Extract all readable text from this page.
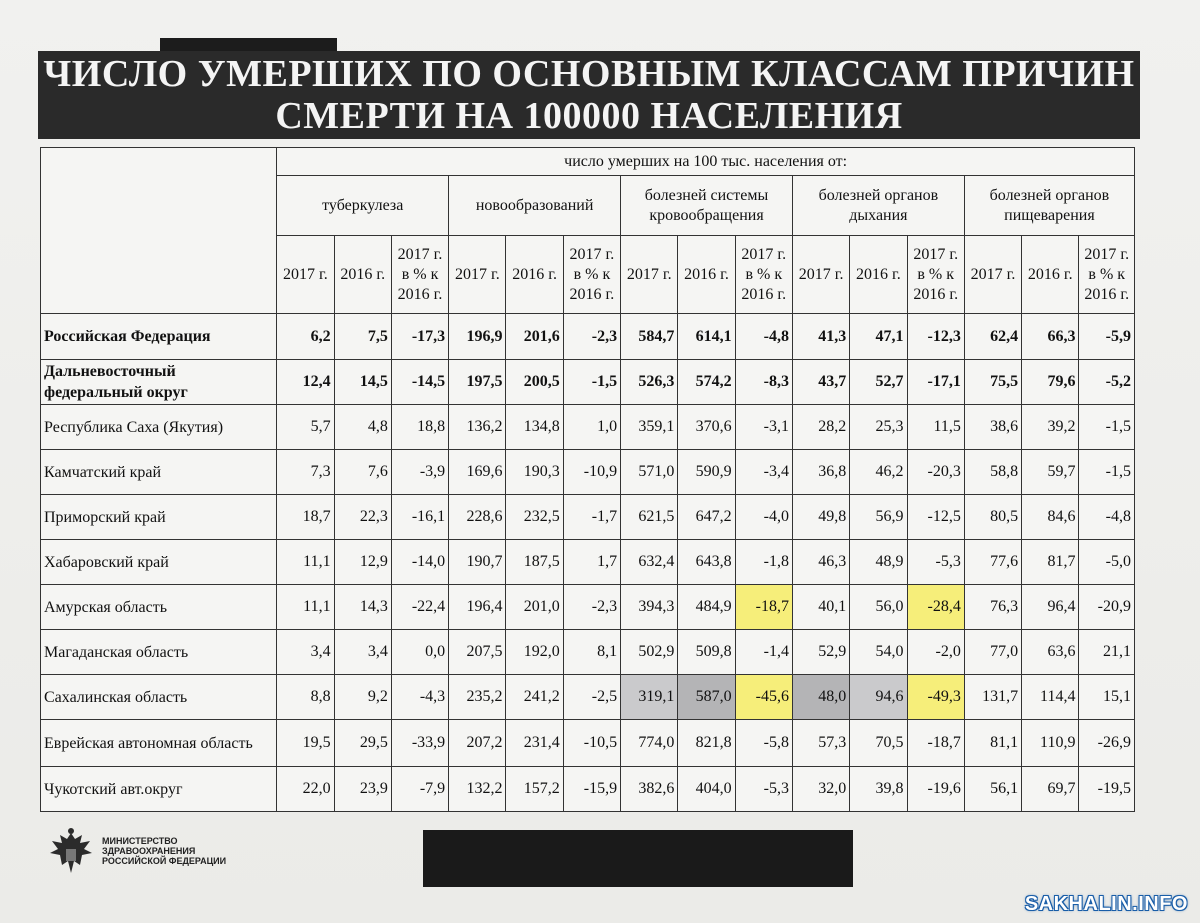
ЧИСЛО УМЕРШИХ ПО ОСНОВНЫМ КЛАССАМ ПРИЧИН
СМЕРТИ НА 100000 НАСЕЛЕНИЯ
	число умерших на 100 тыс. населения от:														
	туберкулеза			новообразований			болезней системы кровообращения			болезней органов дыхания			болезней органов пищеварения		
	2017 г.	2016 г.	2017 г. в % к 2016 г.	2017 г.	2016 г.	2017 г. в % к 2016 г.	2017 г.	2016 г.	2017 г. в % к 2016 г.	2017 г.	2016 г.	2017 г. в % к 2016 г.	2017 г.	2016 г.	2017 г. в % к 2016 г.
Российская Федерация	6,2	7,5	-17,3	196,9	201,6	-2,3	584,7	614,1	-4,8	41,3	47,1	-12,3	62,4	66,3	-5,9
Дальневосточный федеральный округ	12,4	14,5	-14,5	197,5	200,5	-1,5	526,3	574,2	-8,3	43,7	52,7	-17,1	75,5	79,6	-5,2
Республика Саха (Якутия)	5,7	4,8	18,8	136,2	134,8	1,0	359,1	370,6	-3,1	28,2	25,3	11,5	38,6	39,2	-1,5
Камчатский край	7,3	7,6	-3,9	169,6	190,3	-10,9	571,0	590,9	-3,4	36,8	46,2	-20,3	58,8	59,7	-1,5
Приморский край	18,7	22,3	-16,1	228,6	232,5	-1,7	621,5	647,2	-4,0	49,8	56,9	-12,5	80,5	84,6	-4,8
Хабаровский край	11,1	12,9	-14,0	190,7	187,5	1,7	632,4	643,8	-1,8	46,3	48,9	-5,3	77,6	81,7	-5,0
Амурская область	11,1	14,3	-22,4	196,4	201,0	-2,3	394,3	484,9	-18,7	40,1	56,0	-28,4	76,3	96,4	-20,9
Магаданская область	3,4	3,4	0,0	207,5	192,0	8,1	502,9	509,8	-1,4	52,9	54,0	-2,0	77,0	63,6	21,1
Сахалинская область	8,8	9,2	-4,3	235,2	241,2	-2,5	319,1	587,0	-45,6	48,0	94,6	-49,3	131,7	114,4	15,1
Еврейская автономная область	19,5	29,5	-33,9	207,2	231,4	-10,5	774,0	821,8	-5,8	57,3	70,5	-18,7	81,1	110,9	-26,9
Чукотский авт.округ	22,0	23,9	-7,9	132,2	157,2	-15,9	382,6	404,0	-5,3	32,0	39,8	-19,6	56,1	69,7	-19,5
МИНИСТЕРСТВО
ЗДРАВООХРАНЕНИЯ
РОССИЙСКОЙ ФЕДЕРАЦИИ
SAKHALIN.INFO
